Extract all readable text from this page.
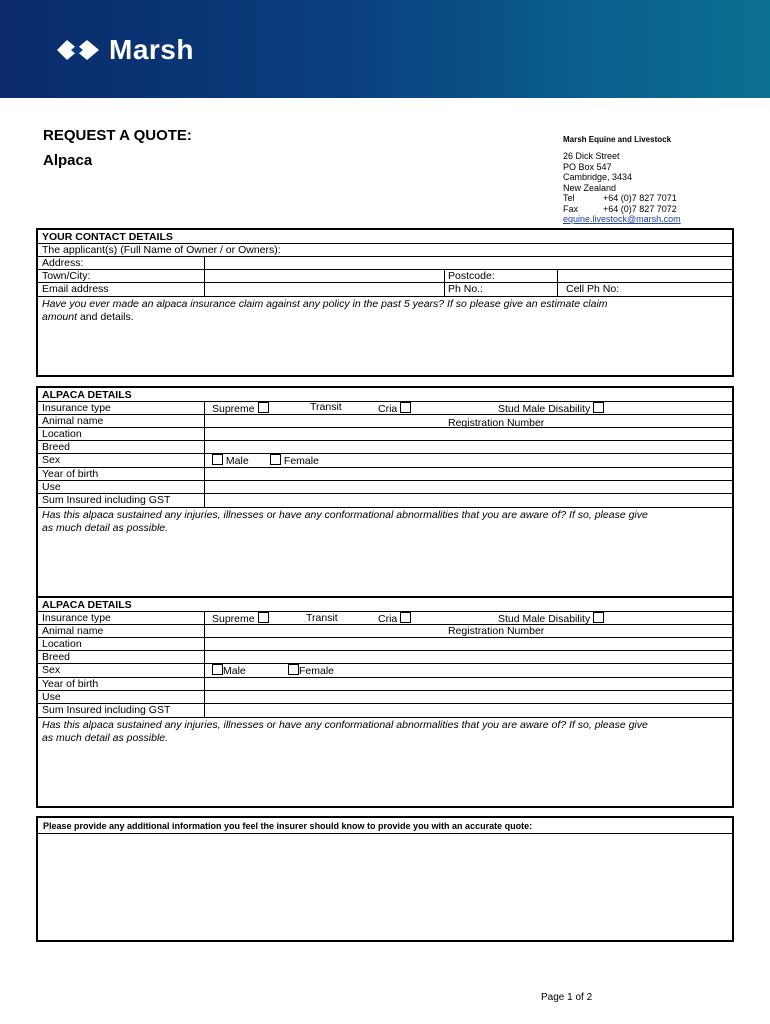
Marsh
REQUEST A QUOTE:
Alpaca
Marsh Equine and Livestock
26 Dick Street
PO Box 547
Cambridge, 3434
New Zealand
Tel	+64 (0)7 827 7071
Fax	+64 (0)7 827 7072
equine.livestock@marsh.com
YOUR CONTACT DETAILS
The applicant(s) (Full Name of Owner / or Owners):
Address:
Town/City:	Postcode:
Email address	Ph No.:	Cell Ph No:
Have you ever made an alpaca insurance claim against any policy in the past 5 years? If so please give an estimate claim
amount and details.
ALPACA DETAILS
Insurance type	Supreme	Transit	Cria	Stud Male Disability
Animal name	Registration Number
Location
Breed
Sex	Male	Female
Year of birth
Use
Sum Insured including GST
Has this alpaca sustained any injuries, illnesses or have any conformational abnormalities that you are aware of? If so, please give
as much detail as possible.
ALPACA DETAILS
Insurance type	Supreme	Transit	Cria	Stud Male Disability
Animal name	Registration Number
Location
Breed
Sex	Male	Female
Year of birth
Use
Sum Insured including GST
Has this alpaca sustained any injuries, illnesses or have any conformational abnormalities that you are aware of? If so, please give
as much detail as possible.
Please provide any additional information you feel the insurer should know to provide you with an accurate quote:
Page 1 of 2
